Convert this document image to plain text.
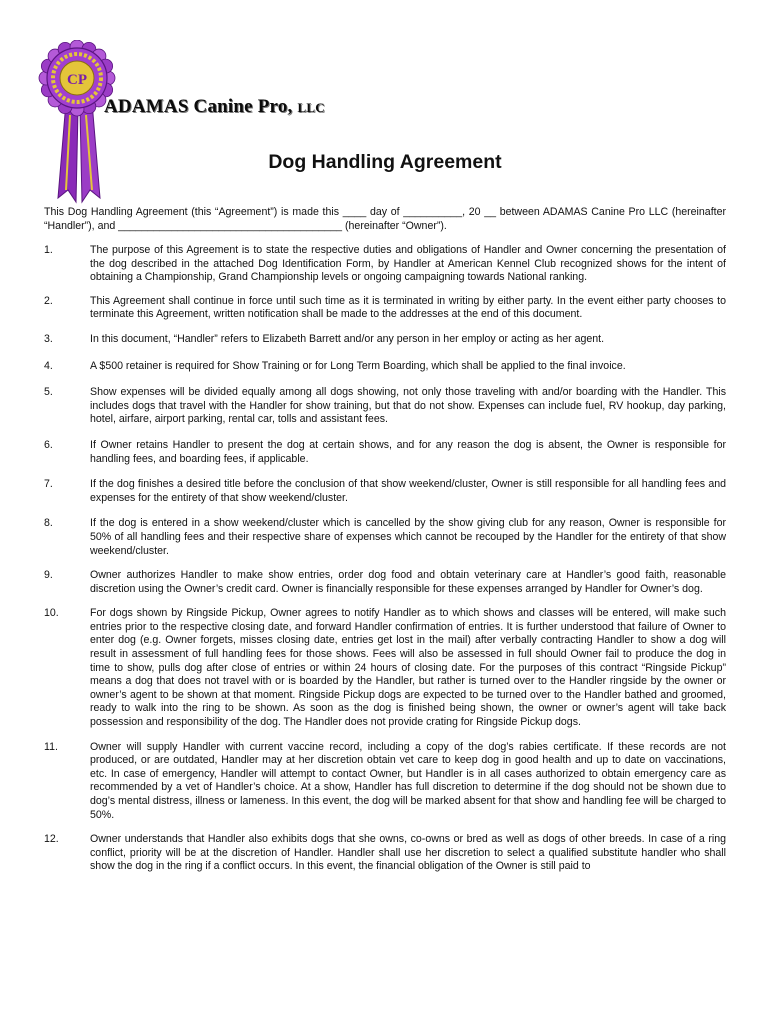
CP
ADAMAS Canine Pro, LLC
Dog Handling Agreement
This Dog Handling Agreement (this “Agreement”) is made this ____ day of __________, 20 __ between ADAMAS Canine Pro LLC (hereinafter “Handler”), and ______________________________________ (hereinafter “Owner”).
1.	The purpose of this Agreement is to state the respective duties and obligations of Handler and Owner concerning the presentation of the dog described in the attached Dog Identification Form, by Handler at American Kennel Club recognized shows for the intent of obtaining a Championship, Grand Championship levels or ongoing campaigning towards National ranking.
2.	This Agreement shall continue in force until such time as it is terminated in writing by either party. In the event either party chooses to terminate this Agreement, written notification shall be made to the addresses at the end of this document.
3.	In this document, “Handler” refers to Elizabeth Barrett and/or any person in her employ or acting as her agent.
4.	A $500 retainer is required for Show Training or for Long Term Boarding, which shall be applied to the final invoice.
5.	Show expenses will be divided equally among all dogs showing, not only those traveling with and/or boarding with the Handler. This includes dogs that travel with the Handler for show training, but that do not show. Expenses can include fuel, RV hookup, day parking, hotel, airfare, airport parking, rental car, tolls and assistant fees.
6.	If Owner retains Handler to present the dog at certain shows, and for any reason the dog is absent, the Owner is responsible for handling fees, and boarding fees, if applicable.
7.	If the dog finishes a desired title before the conclusion of that show weekend/cluster, Owner is still responsible for all handling fees and expenses for the entirety of that show weekend/cluster.
8.	If the dog is entered in a show weekend/cluster which is cancelled by the show giving club for any reason, Owner is responsible for 50% of all handling fees and their respective share of expenses which cannot be recouped by the Handler for the entirety of that show weekend/cluster.
9.	Owner authorizes Handler to make show entries, order dog food and obtain veterinary care at Handler’s good faith, reasonable discretion using the Owner’s credit card. Owner is financially responsible for these expenses arranged by Handler for Owner’s dog.
10.	For dogs shown by Ringside Pickup, Owner agrees to notify Handler as to which shows and classes will be entered, will make such entries prior to the respective closing date, and forward Handler confirmation of entries. It is further understood that failure of Owner to enter dog (e.g. Owner forgets, misses closing date, entries get lost in the mail) after verbally contracting Handler to show a dog will result in assessment of full handling fees for those shows. Fees will also be assessed in full should Owner fail to produce the dog in time to show, pulls dog after close of entries or within 24 hours of closing date. For the purposes of this contract “Ringside Pickup” means a dog that does not travel with or is boarded by the Handler, but rather is turned over to the Handler ringside by the owner or owner’s agent to be shown at that moment. Ringside Pickup dogs are expected to be turned over to the Handler bathed and groomed, ready to walk into the ring to be shown. As soon as the dog is finished being shown, the owner or owner’s agent will take back possession and responsibility of the dog. The Handler does not provide crating for Ringside Pickup dogs.
11.	Owner will supply Handler with current vaccine record, including a copy of the dog’s rabies certificate. If these records are not produced, or are outdated, Handler may at her discretion obtain vet care to keep dog in good health and up to date on vaccinations, etc. In case of emergency, Handler will attempt to contact Owner, but Handler is in all cases authorized to obtain emergency care as recommended by a vet of Handler’s choice. At a show, Handler has full discretion to determine if the dog should not be shown due to dog’s mental distress, illness or lameness. In this event, the dog will be marked absent for that show and handling fee will be charged to 50%.
12.	Owner understands that Handler also exhibits dogs that she owns, co-owns or bred as well as dogs of other breeds. In case of a ring conflict, priority will be at the discretion of Handler. Handler shall use her discretion to select a qualified substitute handler who shall show the dog in the ring if a conflict occurs. In this event, the financial obligation of the Owner is still paid to
